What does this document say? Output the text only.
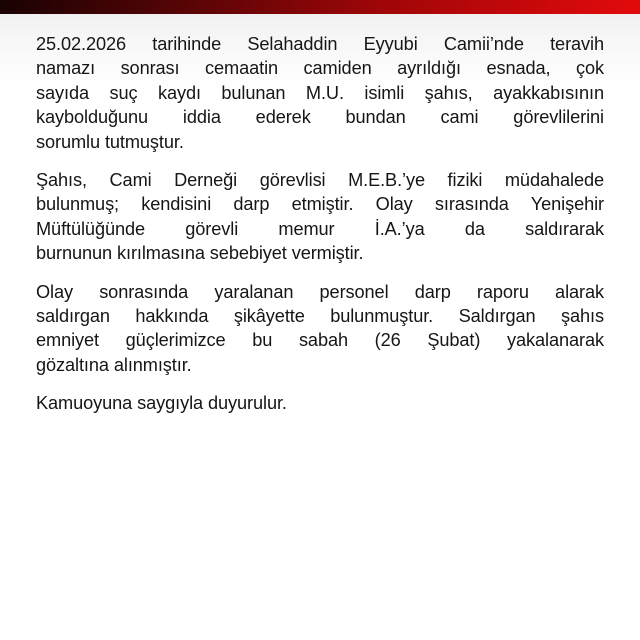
25.02.2026 tarihinde Selahaddin Eyyubi Camii’nde teravih
namazı sonrası cemaatin camiden ayrıldığı esnada, çok
sayıda suç kaydı bulunan M.U. isimli şahıs, ayakkabısının
kaybolduğunu iddia ederek bundan cami görevlilerini
sorumlu tutmuştur.

Şahıs, Cami Derneği görevlisi M.E.B.’ye fiziki müdahalede
bulunmuş; kendisini darp etmiştir. Olay sırasında Yenişehir
Müftülüğünde görevli memur İ.A.’ya da saldırarak
burnunun kırılmasına sebebiyet vermiştir.

Olay sonrasında yaralanan personel darp raporu alarak
saldırgan hakkında şikâyette bulunmuştur. Saldırgan şahıs
emniyet güçlerimizce bu sabah (26 Şubat) yakalanarak
gözaltına alınmıştır.

Kamuoyuna saygıyla duyurulur.
